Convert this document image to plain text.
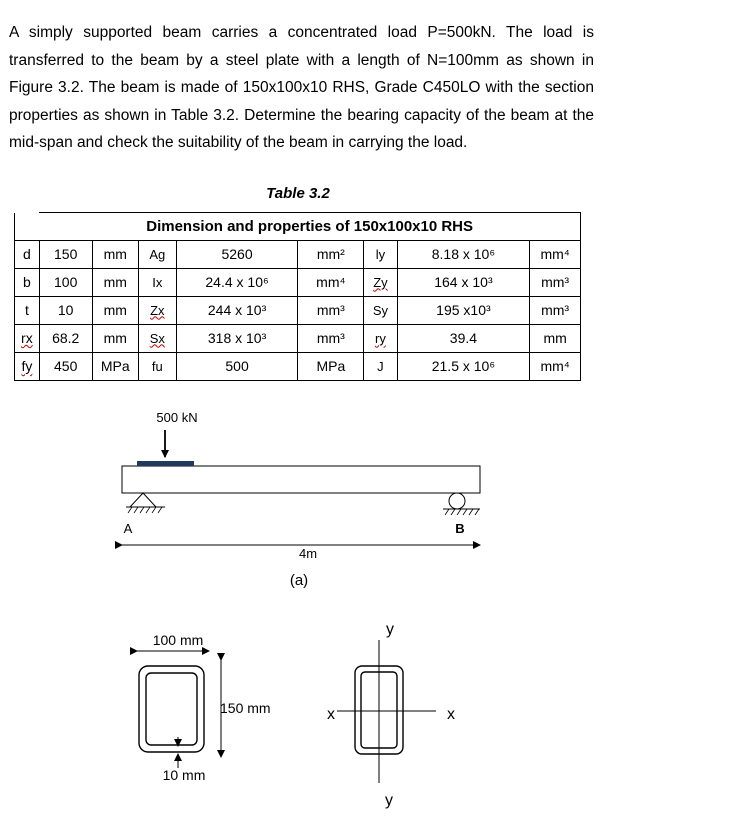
A simply supported beam carries a concentrated load P=500kN. The load is transferred to the beam by a steel plate with a length of N=100mm as shown in Figure 3.2. The beam is made of 150x100x10 RHS, Grade C450LO with the section properties as shown in Table 3.2. Determine the bearing capacity of the beam at the mid-span and check the suitability of the beam in carrying the load.

Table 3.2
	Dimension and properties of 150x100x10 RHS							
d	150	mm	Ag	5260	mm²	ly	8.18 x 10⁶	mm⁴
b	100	mm	Ix	24.4 x 10⁶	mm⁴	Zy	164 x 10³	mm³
t	10	mm	Zx	244 x 10³	mm³	Sy	195 x10³	mm³
rx	68.2	mm	Sx	318 x 10³	mm³	ry	39.4	mm
fy	450	MPa	fu	500	MPa	J	21.5 x 10⁶	mm⁴
500 kN
A	B
4m
(a)
100 mm
150 mm
10 mm
y
x	x
y
